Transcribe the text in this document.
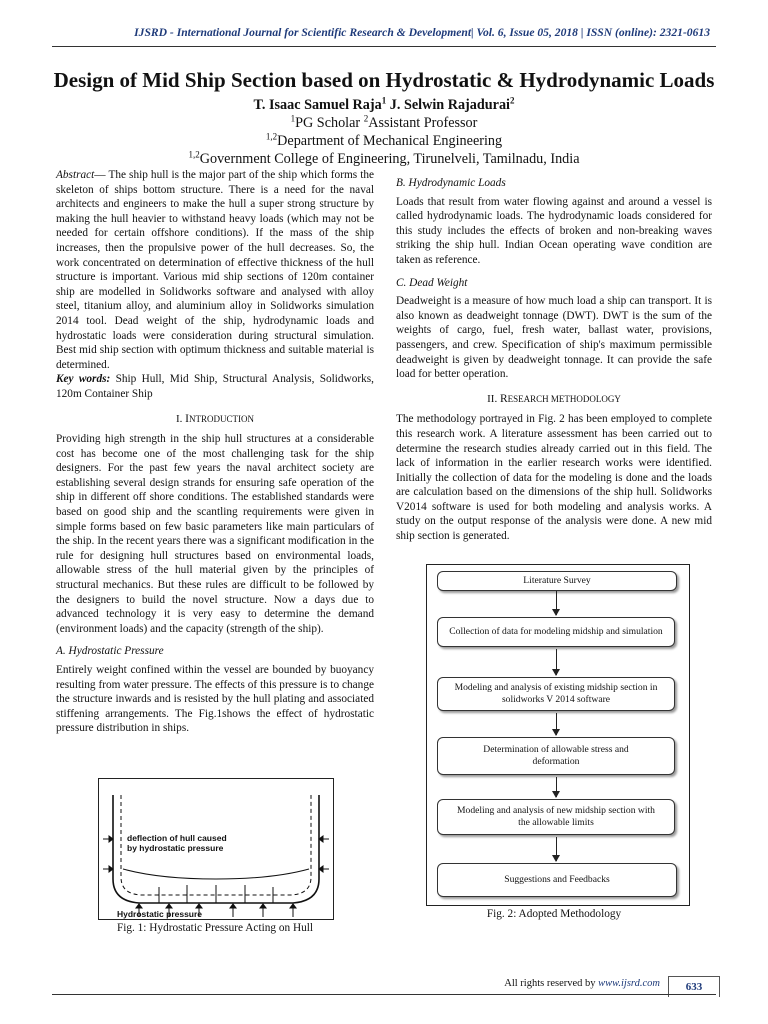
IJSRD - International Journal for Scientific Research & Development| Vol. 6, Issue 05, 2018 | ISSN (online): 2321-0613
Design of Mid Ship Section based on Hydrostatic & Hydrodynamic Loads
T. Isaac Samuel Raja$^1$ J. Selwin Rajadurai$^2$
$^1$PG Scholar $^2$Assistant Professor
$^{1,2}$Department of Mechanical Engineering
$^{1,2}$Government College of Engineering, Tirunelveli, Tamilnadu, India

Abstract— The ship hull is the major part of the ship which forms the skeleton of ships bottom structure. There is a need for the naval architects and engineers to make the hull a super strong structure by making the hull heavier to withstand heavy loads (which may not be needed for certain offshore conditions). If the mass of the ship increases, then the propulsive power of the hull decreases. So, the work concentrated on determination of effective thickness of the hull structure is important. Various mid ship sections of 120m container ship are modelled in Solidworks software and analysed with alloy steel, titanium alloy, and aluminium alloy in Solidworks simulation 2014 tool. Dead weight of the ship, hydrodynamic loads and hydrostatic loads were consideration during structural simulation. Best mid ship section with optimum thickness and suitable material is determined.

Key words: Ship Hull, Mid Ship, Structural Analysis, Solidworks, 120m Container Ship

I. INTRODUCTION

Providing high strength in the ship hull structures at a considerable cost has become one of the most challenging task for the ship designers. For the past few years the naval architect society are establishing several design strands for ensuring safe operation of the ship in different off shore conditions. The established standards were based on good ship and the scantling requirements were given in simple forms based on few basic parameters like main particulars of the ship. In the recent years there was a significant modification in the rule for designing hull structures based on environmental loads, allowable stress of the hull material given by the principles of structural mechanics. But these rules are difficult to be followed by the designers to build the novel structure. Now a days due to advanced technology it is very easy to determine the demand (environment loads) and the capacity (strength of the ship).

A. Hydrostatic Pressure

Entirely weight confined within the vessel are bounded by buoyancy resulting from water pressure. The effects of this pressure is to change the structure inwards and is resisted by the hull plating and associated stiffening arrangements. The Fig.1shows the effect of hydrostatic pressure distribution in ships.

deflection of hull caused
by hydrostatic pressure
Hydrostatic pressure
Fig. 1: Hydrostatic Pressure Acting on Hull
B. Hydrodynamic Loads

Loads that result from water flowing against and around a vessel is called hydrodynamic loads. The hydrodynamic loads considered for this study includes the effects of broken and non-breaking waves striking the ship hull. Indian Ocean operating wave condition are taken as reference.

C. Dead Weight

Deadweight is a measure of how much load a ship can transport. It is also known as deadweight tonnage (DWT). DWT is the sum of the weights of cargo, fuel, fresh water, ballast water, provisions, passengers, and crew. Specification of ship's maximum permissible deadweight is given by deadweight tonnage. It can provide the safe load for better operation.

II. RESEARCH METHODOLOGY

The methodology portrayed in Fig. 2 has been employed to complete this research work. A literature assessment has been carried out to determine the research studies already carried out in this field. The lack of information in the earlier research works were identified. Initially the collection of data for the modeling is done and the loads are calculation based on the dimensions of the ship hull. Solidworks V2014 software is used for both modeling and analysis works. A study on the output response of the analysis were done. A new mid ship section is generated.

Literature Survey
Collection of data for modeling midship and simulation
Modeling and analysis of existing midship section in solidworks V 2014 software
Determination of allowable stress and deformation
Modeling and analysis of new midship section with the allowable limits
Suggestions and Feedbacks
Fig. 2: Adopted Methodology
All rights reserved by www.ijsrd.com	633
